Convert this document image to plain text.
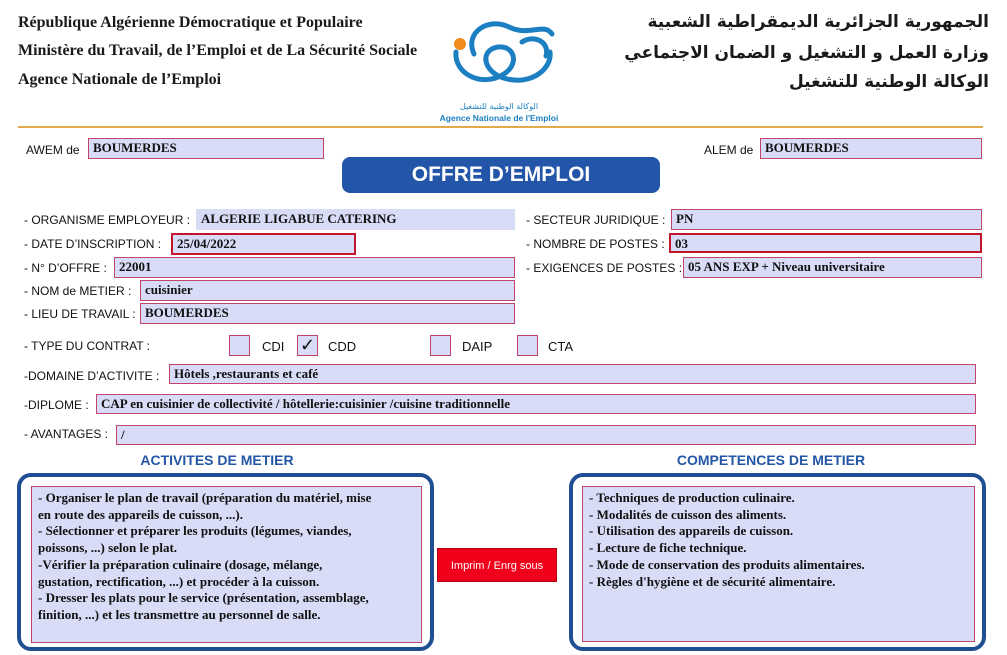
République Algérienne Démocratique et Populaire
Ministère du Travail, de l’Emploi et de La Sécurité Sociale
Agence Nationale de l’Emploi
الوكالة الوطنية للتشغيل
Agence Nationale de l'Emploi
الجمهورية الجزائرية الديمقراطية الشعبية
وزارة العمل و التشغيل و الضمان الاجتماعي
الوكالة الوطنية للتشغيل
AWEM de	BOUMERDES	ALEM de BOUMERDES
OFFRE D’EMPLOI
- ORGANISME EMPLOYEUR : ALGERIE LIGABUE CATERING
- DATE D’INSCRIPTION :	25/04/2022
- N° D’OFFRE : 22001
- NOM de METIER :	cuisinier
- LIEU DE TRAVAIL : BOUMERDES
- SECTEUR JURIDIQUE : PN
- NOMBRE DE POSTES : 03
- EXIGENCES DE POSTES : 05 ANS EXP + Niveau universitaire
- TYPE DU CONTRAT :	CDI ✓ CDD	DAIP	CTA
-DOMAINE D’ACTIVITE :	Hôtels ,restaurants et café
-DIPLOME : CAP en cuisinier de collectivité / hôtellerie:cuisinier /cuisine traditionnelle
- AVANTAGES : /
ACTIVITES DE METIER	COMPETENCES DE METIER
- Organiser le plan de travail (préparation du matériel, mise
en route des appareils de cuisson, ...).
- Sélectionner et préparer les produits (légumes, viandes,
poissons, ...) selon le plat.
-Vérifier la préparation culinaire (dosage, mélange,
gustation, rectification, ...) et procéder à la cuisson.
- Dresser les plats pour le service (présentation, assemblage,
finition, ...) et les transmettre au personnel de salle.
Imprim / Enrg sous
- Techniques de production culinaire.
- Modalités de cuisson des aliments.
- Utilisation des appareils de cuisson.
- Lecture de fiche technique.
- Mode de conservation des produits alimentaires.
- Règles d'hygiène et de sécurité alimentaire.
